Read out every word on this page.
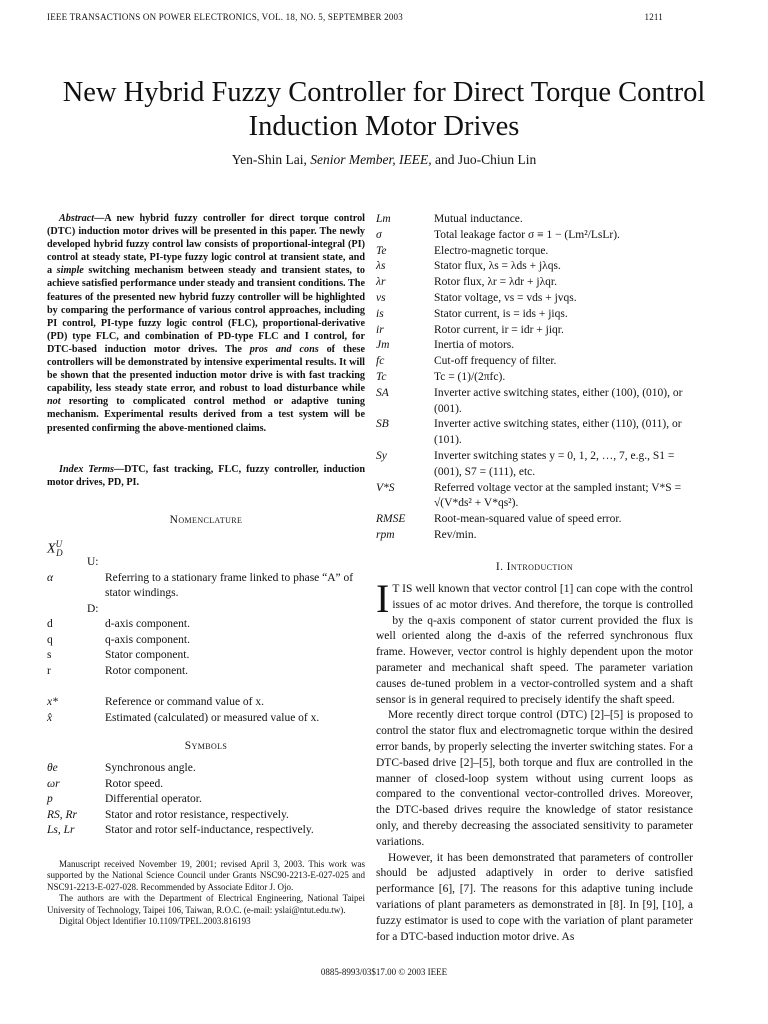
IEEE TRANSACTIONS ON POWER ELECTRONICS, VOL. 18, NO. 5, SEPTEMBER 2003	1211
New Hybrid Fuzzy Controller for Direct Torque Control Induction Motor Drives
Yen-Shin Lai, Senior Member, IEEE, and Juo-Chiun Lin
Abstract—A new hybrid fuzzy controller for direct torque control (DTC) induction motor drives will be presented in this paper. The newly developed hybrid fuzzy control law consists of proportional-integral (PI) control at steady state, PI-type fuzzy logic control at transient state, and a simple switching mechanism between steady and transient states, to achieve satisfied performance under steady and transient conditions. The features of the presented new hybrid fuzzy controller will be highlighted by comparing the performance of various control approaches, including PI control, PI-type fuzzy logic control (FLC), proportional-derivative (PD) type FLC, and combination of PD-type FLC and I control, for DTC-based induction motor drives. The pros and cons of these controllers will be demonstrated by intensive experimental results. It will be shown that the presented induction motor drive is with fast tracking capability, less steady state error, and robust to load disturbance while not resorting to complicated control method or adaptive tuning mechanism. Experimental results derived from a test system will be presented confirming the above-mentioned claims.
Index Terms—DTC, fast tracking, FLC, fuzzy controller, induction motor drives, PD, PI.
Nomenclature
$X^U_D$
U:
α	Referring to a stationary frame linked to phase “A” of stator windings.
D:
d	d-axis component.
q	q-axis component.
s	Stator component.
r	Rotor component.
x*	Reference or command value of x.
x̂	Estimated (calculated) or measured value of x.
Symbols
θe	Synchronous angle.
ωr	Rotor speed.
p	Differential operator.
RS, Rr	Stator and rotor resistance, respectively.
Ls, Lr	Stator and rotor self-inductance, respectively.

Manuscript received November 19, 2001; revised April 3, 2003. This work was supported by the National Science Council under Grants NSC90-2213-E-027-025 and NSC91-2213-E-027-028. Recommended by Associate Editor J. Ojo.

The authors are with the Department of Electrical Engineering, National Taipei University of Technology, Taipei 106, Taiwan, R.O.C. (e-mail: yslai@ntut.edu.tw).

Digital Object Identifier 10.1109/TPEL.2003.816193

Lm	Mutual inductance.
σ	Total leakage factor σ ≡ 1 − (Lm²/LsLr).
Te	Electro-magnetic torque.
λs	Stator flux, λs = λds + jλqs.
λr	Rotor flux, λr = λdr + jλqr.
vs	Stator voltage, vs = vds + jvqs.
is	Stator current, is = ids + jiqs.
ir	Rotor current, ir = idr + jiqr.
Jm	Inertia of motors.
fc	Cut-off frequency of filter.
Tc	Tc = (1)/(2πfc).
SA	Inverter active switching states, either (100), (010), or (001).
SB	Inverter active switching states, either (110), (011), or (101).
Sy	Inverter switching states y = 0, 1, 2, …, 7, e.g., S1 = (001), S7 = (111), etc.
V*S	Referred voltage vector at the sampled instant; V*S = √(V*ds² + V*qs²).
RMSE	Root-mean-squared value of speed error.
rpm	Rev/min.
I. Introduction

I T IS well known that vector control [1] can cope with the control issues of ac motor drives. And therefore, the torque is controlled by the q-axis component of stator current provided the flux is well oriented along the d-axis of the referred synchronous flux frame. However, vector control is highly dependent upon the motor parameter and mechanical shaft speed. The parameter variation causes de-tuned problem in a vector-controlled system and a shaft sensor is in general required to precisely identify the shaft speed.

More recently direct torque control (DTC) [2]–[5] is proposed to control the stator flux and electromagnetic torque within the desired error bands, by properly selecting the inverter switching states. For a DTC-based drive [2]–[5], both torque and flux are controlled in the manner of closed-loop system without using current loops as compared to the conventional vector-controlled drives. Moreover, the DTC-based drives require the knowledge of stator resistance only, and thereby decreasing the associated sensitivity to parameter variations.

However, it has been demonstrated that parameters of controller should be adjusted adaptively in order to derive satisfied performance [6], [7]. The reasons for this adaptive tuning include variations of plant parameters as demonstrated in [8]. In [9], [10], a fuzzy estimator is used to cope with the variation of plant parameter for a DTC-based induction motor drive. As

0885-8993/03$17.00 © 2003 IEEE
